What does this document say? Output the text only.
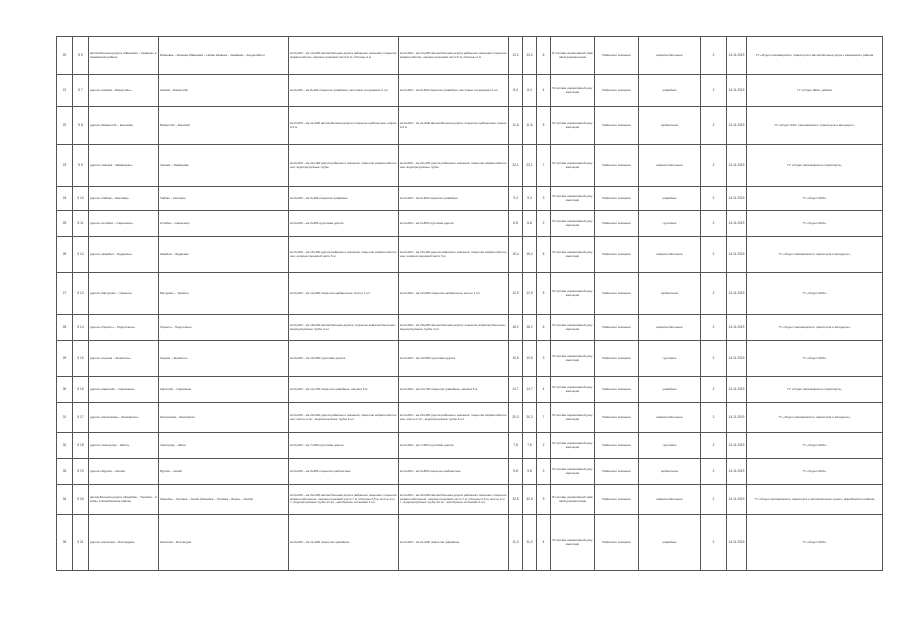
20	5 5	автомобильная дорога «Ивановка – Казанка» в Акжаикском районе	Ивановка – Казанка (Ивановка – Новая Казанка – Аккайнар – Калдыгайты)	км 0+000 – км 13+200 автомобильная дорога районного значения; покрытие асфальтобетон; ширина проезжей части 6 м; обочины 2 м	км 0+000 – км 13+200 автомобильная дорога районного значения; покрытие асфальтобетон; ширина проезжей части 6 м; обочины 2 м	13,2	13,2	6	В составе нормативной правовой документации	Районного значения	асфальтобетонное	2	14.11.2019	ГУ «Отдел пассажирского транспорта и автомобильных дорог» Акжаикского района
21	5 7	дорога «Акжаик – Базартобе»	Акжаик – Базартобе	км 0+000 – км 8+400 покрытие гравийное; мостовые сооружения 2 шт.	км 0+000 – км 8+400 покрытие гравийное; мостовые сооружения 2 шт.	8,4	8,4	4	В составе нормативной документации	Районного значения	гравийное	2	14.11.2019	ГУ «Отдел ЖКХ» района
22	5 8	дорога «Базартобе – Есенсай»	Базартобе – Есенсай	км 0+000 – км 11+600 автомобильная дорога; покрытие щебёночное; ширина 6 м	км 0+000 – км 11+600 автомобильная дорога; покрытие щебёночное; ширина 6 м	11,6	11,6	5	В составе нормативной документации	Районного значения	щебёночное	2	14.11.2019	ГУ «Отдел ЖКХ, пассажирского транспорта и автодорог»
23	5 9	дорога «Чапаев – Январцево»	Чапаев – Январцево	км 0+000 – км 22+100 дорога районного значения; покрытие асфальтобетонное; водопропускные трубы	км 0+000 – км 22+100 дорога районного значения; покрытие асфальтобетонное; водопропускные трубы	22,1	22,1	7	В составе нормативной документации	Районного значения	асфальтобетонное	2	14.11.2019	ГУ «Отдел пассажирского транспорта»
24	5 10	дорога «Тайпак – Кзылжар»	Тайпак – Кзылжар	км 0+000 – км 9+300 покрытие гравийное	км 0+000 – км 9+300 покрытие гравийное	9,3	9,3	3	В составе нормативной документации	Районного значения	гравийное	2	14.11.2019	ГУ «Отдел ЖКХ»
25	5 11	дорога «Алгабас – Сарыомир»	Алгабас – Сарыомир	км 0+000 – км 6+800 грунтовая дорога	км 0+000 – км 6+800 грунтовая дорога	6,8	6,8	2	В составе нормативной документации	Районного значения	грунтовое	2	14.11.2019	ГУ «Отдел ЖКХ»
26	5 12	дорога «Жамбыл – Бударино»	Жамбыл – Бударино	км 0+000 – км 15+400 дорога районного значения; покрытие асфальтобетонное; ширина проезжей части 6 м	км 0+000 – км 15+400 дорога районного значения; покрытие асфальтобетонное; ширина проезжей части 6 м	15,4	15,4	6	В составе нормативной документации	Районного значения	асфальтобетонное	2	14.11.2019	ГУ «Отдел пассажирского транспорта и автодорог»
27	5 13	дорога «Мичурино – Трекино»	Мичурино – Трекино	км 0+000 – км 12+900 покрытие щебёночное; мосты 1 шт.	км 0+000 – км 12+900 покрытие щебёночное; мосты 1 шт.	12,9	12,9	5	В составе нормативной документации	Районного значения	щебёночное	2	14.11.2019	ГУ «Отдел ЖКХ»
28	5 14	дорога «Теректы – Подстепное»	Теректы – Подстепное	км 0+000 – км 18+200 автомобильная дорога; покрытие асфальтобетонное; водопропускные трубы 4 шт.	км 0+000 – км 18+200 автомобильная дорога; покрытие асфальтобетонное; водопропускные трубы 4 шт.	18,2	18,2	6	В составе нормативной документации	Районного значения	асфальтобетонное	2	14.11.2019	ГУ «Отдел пассажирского транспорта и автодорог»
29	5 15	дорога «Сырым – Жымпиты»	Сырым – Жымпиты	км 0+000 – км 10+500 грунтовая дорога	км 0+000 – км 10+500 грунтовая дорога	10,5	10,5	3	В составе нормативной документации	Районного значения	грунтовое	2	14.11.2019	ГУ «Отдел ЖКХ»
30	5 16	дорога «Каратобе – Саралжын»	Каратобе – Саралжын	км 0+000 – км 14+700 покрытие гравийное; ширина 6 м	км 0+000 – км 14+700 покрытие гравийное; ширина 6 м	14,7	14,7	4	В составе нормативной документации	Районного значения	гравийное	2	14.11.2019	ГУ «Отдел пассажирского транспорта»
31	5 17	дорога «Казталовка – Жалпактал»	Казталовка – Жалпактал	км 0+000 – км 20+300 дорога районного значения; покрытие асфальтобетонное; мосты 2 шт.; водопропускные трубы 6 шт.	км 0+000 – км 20+300 дорога районного значения; покрытие асфальтобетонное; мосты 2 шт.; водопропускные трубы 6 шт.	20,3	20,3	7	В составе нормативной документации	Районного значения	асфальтобетонное	2	14.11.2019	ГУ «Отдел пассажирского транспорта и автодорог»
32	5 18	дорога «Чингирлау – Шили»	Чингирлау – Шили	км 0+000 – км 7+600 грунтовая дорога	км 0+000 – км 7+600 грунтовая дорога	7,6	7,6	2	В составе нормативной документации	Районного значения	грунтовое	2	14.11.2019	ГУ «Отдел ЖКХ»
33	5 19	дорога «Бурлин – Аксай»	Бурлин – Аксай	км 0+000 – км 9+800 покрытие щебёночное	км 0+000 – км 9+800 покрытие щебёночное	9,8	9,8	3	В составе нормативной документации	Районного значения	щебёночное	2	14.11.2019	ГУ «Отдел ЖКХ»
34	5 20	автомобильная дорога «Жанибек – Таловка – Акоба» в Жанибекском районе	Жанибек – Таловка – Акоба (Жанибек – Таловка – Борсы – Акоба)	км 0+000 – км 32+500 автомобильная дорога районного значения; покрытие асфальтобетонное; ширина проезжей части 7 м; обочины 2,5 м; мосты 3 шт.; водопропускные трубы 12 шт.; автобусные остановки 4 шт.	км 0+000 – км 32+500 автомобильная дорога районного значения; покрытие асфальтобетонное; ширина проезжей части 7 м; обочины 2,5 м; мосты 3 шт.; водопропускные трубы 12 шт.; автобусные остановки 4 шт.	32,5	32,5	9	В составе нормативной правовой документации	Районного значения	асфальтобетонное	2	14.11.2019	ГУ «Отдел пассажирского транспорта и автомобильных дорог» Жанибекского района
35	5 21	дорога «Казталов – Бостандык»	Казталов – Бостандык	км 0+000 – км 11+000 покрытие гравийное	км 0+000 – км 11+000 покрытие гравийное	11,0	11,0	4	В составе нормативной документации	Районного значения	гравийное	2	14.11.2019	ГУ «Отдел ЖКХ»
